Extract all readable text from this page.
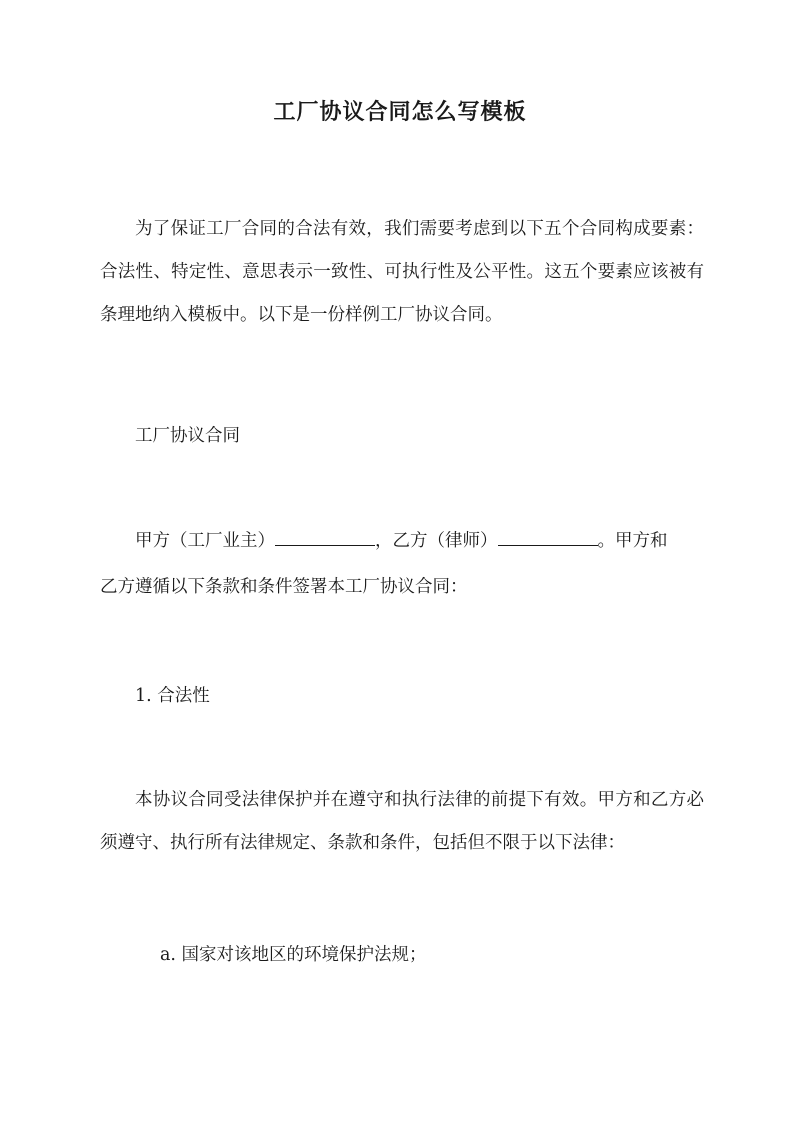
工厂协议合同怎么写模板

为了保证工厂合同的合法有效，我们需要考虑到以下五个合同构成要素：合法性、特定性、意思表示一致性、可执行性及公平性。这五个要素应该被有条理地纳入模板中。以下是一份样例工厂协议合同。

工厂协议合同
甲方（工厂业主）	，乙方（律师）	。甲方和
乙方遵循以下条款和条件签署本工厂协议合同：
1. 合法性

本协议合同受法律保护并在遵守和执行法律的前提下有效。甲方和乙方必须遵守、执行所有法律规定、条款和条件，包括但不限于以下法律：

a. 国家对该地区的环境保护法规；
